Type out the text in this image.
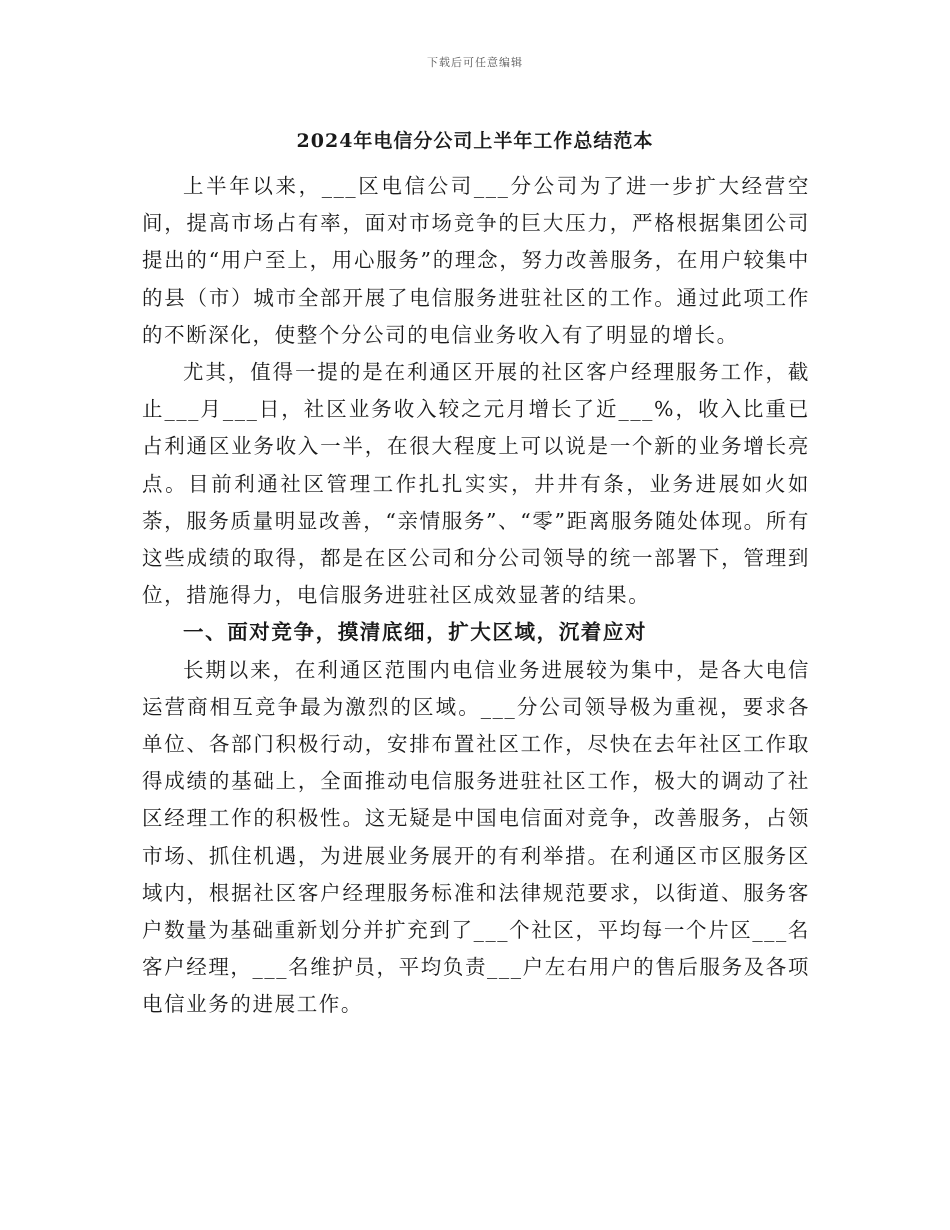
下载后可任意编辑
2024年电信分公司上半年工作总结范本

上半年以来，___区电信公司___分公司为了进一步扩大经营空间，提高市场占有率，面对市场竞争的巨大压力，严格根据集团公司提出的“用户至上，用心服务”的理念，努力改善服务，在用户较集中的县（市）城市全部开展了电信服务进驻社区的工作。通过此项工作的不断深化，使整个分公司的电信业务收入有了明显的增长。

尤其，值得一提的是在利通区开展的社区客户经理服务工作，截止___月___日，社区业务收入较之元月增长了近___%，收入比重已占利通区业务收入一半，在很大程度上可以说是一个新的业务增长亮点。目前利通社区管理工作扎扎实实，井井有条，业务进展如火如荼，服务质量明显改善，“亲情服务”、“零”距离服务随处体现。所有这些成绩的取得，都是在区公司和分公司领导的统一部署下，管理到位，措施得力，电信服务进驻社区成效显著的结果。

一、面对竞争，摸清底细，扩大区域，沉着应对

长期以来，在利通区范围内电信业务进展较为集中，是各大电信运营商相互竞争最为激烈的区域。___分公司领导极为重视，要求各单位、各部门积极行动，安排布置社区工作，尽快在去年社区工作取得成绩的基础上，全面推动电信服务进驻社区工作，极大的调动了社区经理工作的积极性。这无疑是中国电信面对竞争，改善服务，占领市场、抓住机遇，为进展业务展开的有利举措。在利通区市区服务区域内，根据社区客户经理服务标准和法律规范要求，以街道、服务客户数量为基础重新划分并扩充到了___个社区，平均每一个片区___名客户经理，___名维护员，平均负责___户左右用户的售后服务及各项电信业务的进展工作。
